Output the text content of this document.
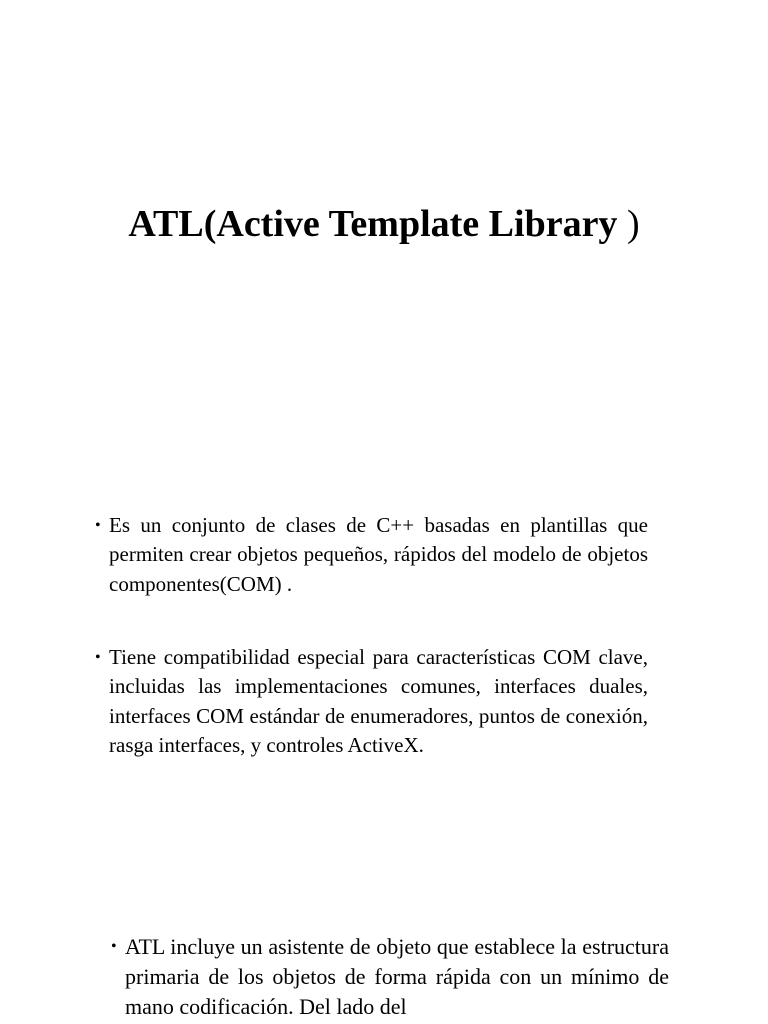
ATL(Active Template Library )
• Es un conjunto de clases de C++ basadas en plantillas que permiten crear objetos pequeños, rápidos del modelo de objetos componentes(COM) .
• Tiene compatibilidad especial para características COM clave, incluidas las implementaciones comunes, interfaces duales, interfaces COM estándar de enumeradores, puntos de conexión, rasga interfaces, y controles ActiveX.
• ATL incluye un asistente de objeto que establece la estructura primaria de los objetos de forma rápida con un mínimo de mano codificación. Del lado del
